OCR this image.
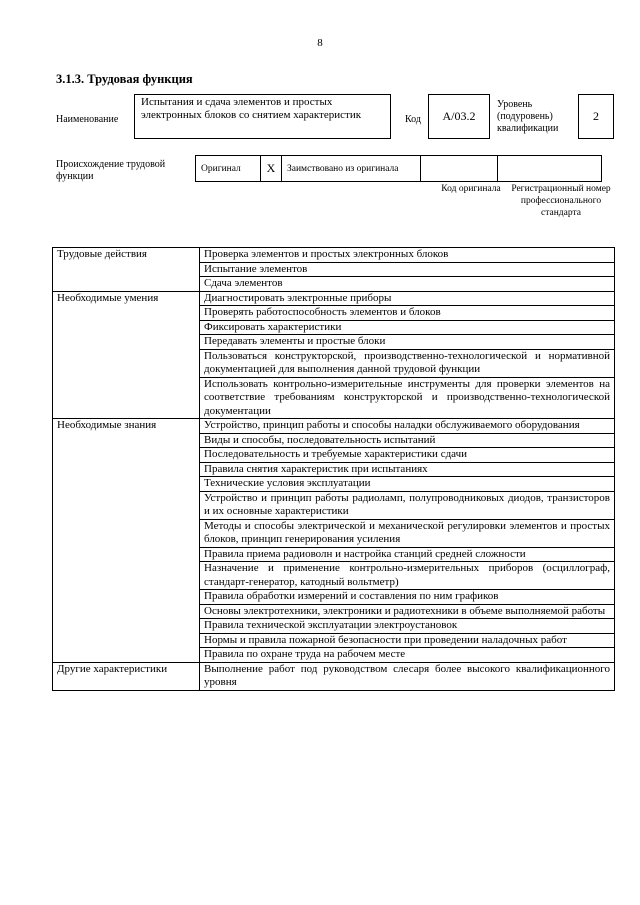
8
3.1.3. Трудовая функция
Наименование
Испытания и сдача элементов и простых электронных блоков со снятием характеристик	Код	А/03.2
Уровень (подуровень) квалификации
2
Происхождение трудовой функции
Оригинал	Х	Заимствовано из оригинала		
Код оригинала	Регистрационный номер профессионального стандарта
Трудовые действия	Проверка элементов и простых электронных блоков
	Испытание элементов
	Сдача элементов
Необходимые умения	Диагностировать электронные приборы
	Проверять работоспособность элементов и блоков
	Фиксировать характеристики
	Передавать элементы и простые блоки
	Пользоваться конструкторской, производственно-технологической и нормативной документацией для выполнения данной трудовой функции
	Использовать контрольно-измерительные инструменты для проверки элементов на соответствие требованиям конструкторской и производственно-технологической документации
Необходимые знания	Устройство, принцип работы и способы наладки обслуживаемого оборудования
	Виды и способы, последовательность испытаний
	Последовательность и требуемые характеристики сдачи
	Правила снятия характеристик при испытаниях
	Технические условия эксплуатации
	Устройство и принцип работы радиоламп, полупроводниковых диодов, транзисторов и их основные характеристики
	Методы и способы электрической и механической регулировки элементов и простых блоков, принцип генерирования усиления
	Правила приема радиоволн и настройка станций средней сложности
	Назначение и применение контрольно-измерительных приборов (осциллограф, стандарт-генератор, катодный вольтметр)
	Правила обработки измерений и составления по ним графиков
	Основы электротехники, электроники и радиотехники в объеме выполняемой работы
	Правила технической эксплуатации электроустановок
	Нормы и правила пожарной безопасности при проведении наладочных работ
	Правила по охране труда на рабочем месте
Другие характеристики	Выполнение работ под руководством слесаря более высокого квалификационного уровня
